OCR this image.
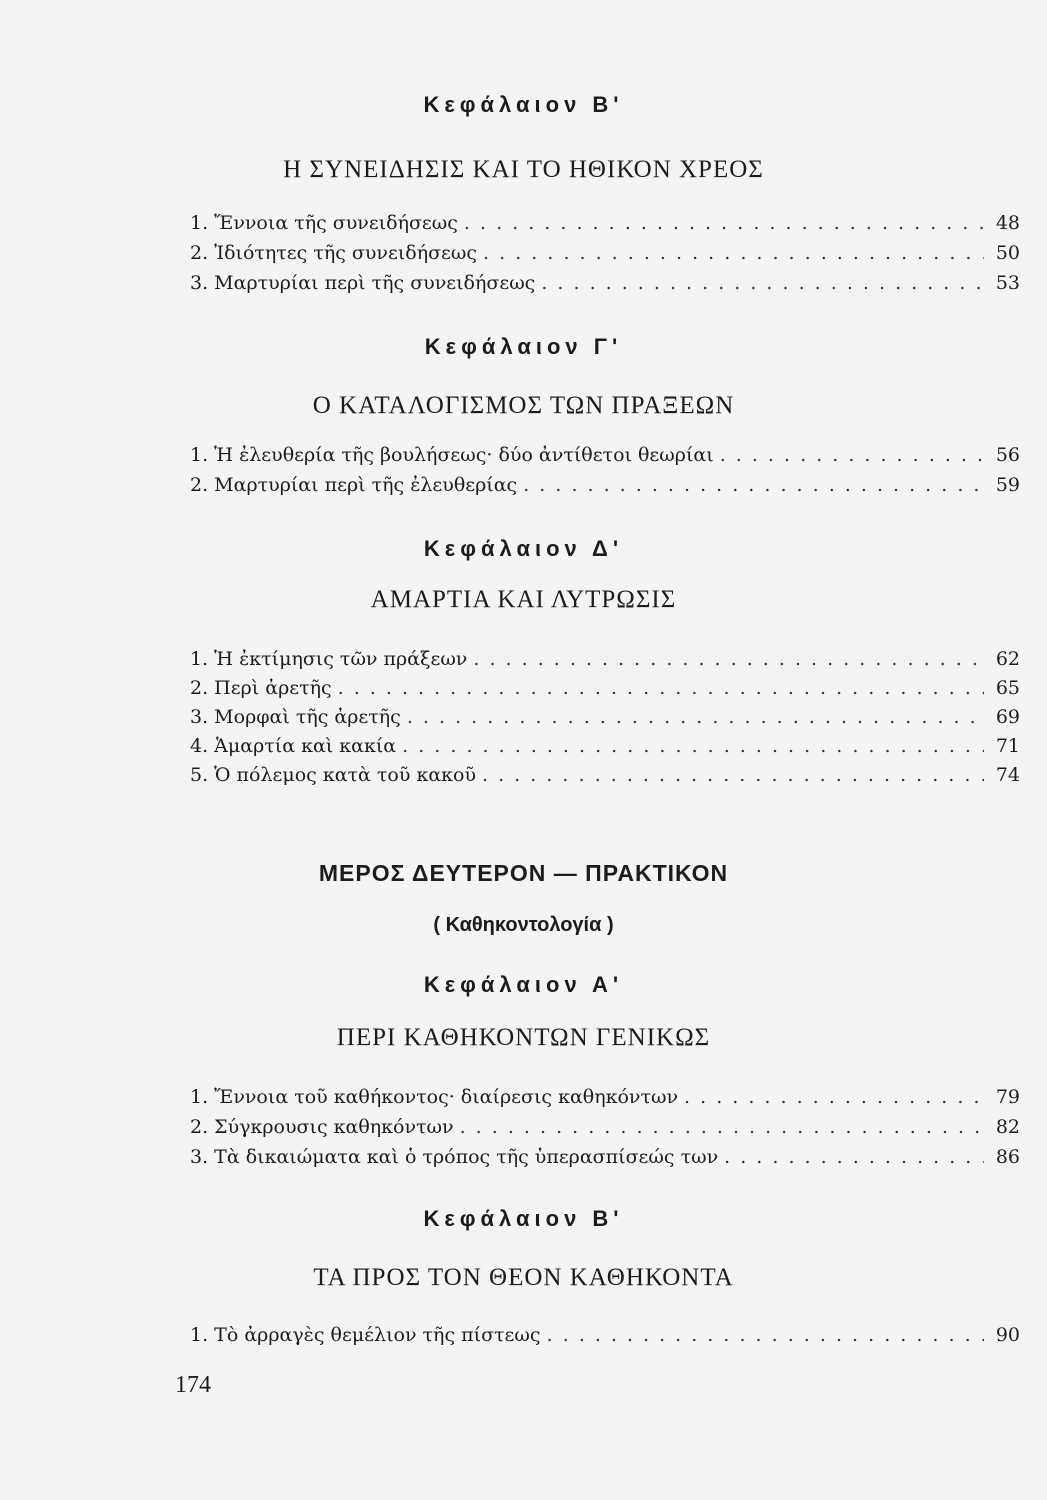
Κεφάλαιον Β'
Η ΣΥΝΕΙΔΗΣΙΣ ΚΑΙ ΤΟ ΗΘΙΚΟΝ ΧΡΕΟΣ
1. Ἔννοια τῆς συνειδήσεως . . .	48
2. Ἰδιότητες τῆς συνειδήσεως . . .	50
3. Μαρτυρίαι περὶ τῆς συνειδήσεως . . .	53
Κεφάλαιον Γ'
Ο ΚΑΤΑΛΟΓΙΣΜΟΣ ΤΩΝ ΠΡΑΞΕΩΝ
1. Ἡ ἐλευθερία τῆς βουλήσεως· δύο ἀντίθετοι θεωρίαι . . .	56
2. Μαρτυρίαι περὶ τῆς ἐλευθερίας . . .	59
Κεφάλαιον Δ'
ΑΜΑΡΤΙΑ ΚΑΙ ΛΥΤΡΩΣΙΣ
1. Ἡ ἐκτίμησις τῶν πράξεων . . .	62
2. Περὶ ἀρετῆς . . .	65
3. Μορφαὶ τῆς ἀρετῆς . . .	69
4. Ἁμαρτία καὶ κακία . . .	71
5. Ὁ πόλεμος κατὰ τοῦ κακοῦ . . .	74
ΜΕΡΟΣ ΔΕΥΤΕΡΟΝ — ΠΡΑΚΤΙΚΟΝ
( Καθηκοντολογία )
Κεφάλαιον Α'
ΠΕΡΙ ΚΑΘΗΚΟΝΤΩΝ ΓΕΝΙΚΩΣ
1. Ἔννοια τοῦ καθήκοντος· διαίρεσις καθηκόντων . . .	79
2. Σύγκρουσις καθηκόντων . . .	82
3. Τὰ δικαιώματα καὶ ὁ τρόπος τῆς ὑπερασπίσεώς των . . .	86
Κεφάλαιον Β'
ΤΑ ΠΡΟΣ ΤΟΝ ΘΕΟΝ ΚΑΘΗΚΟΝΤΑ
1. Τὸ ἀρραγὲς θεμέλιον τῆς πίστεως . . .	90
174
